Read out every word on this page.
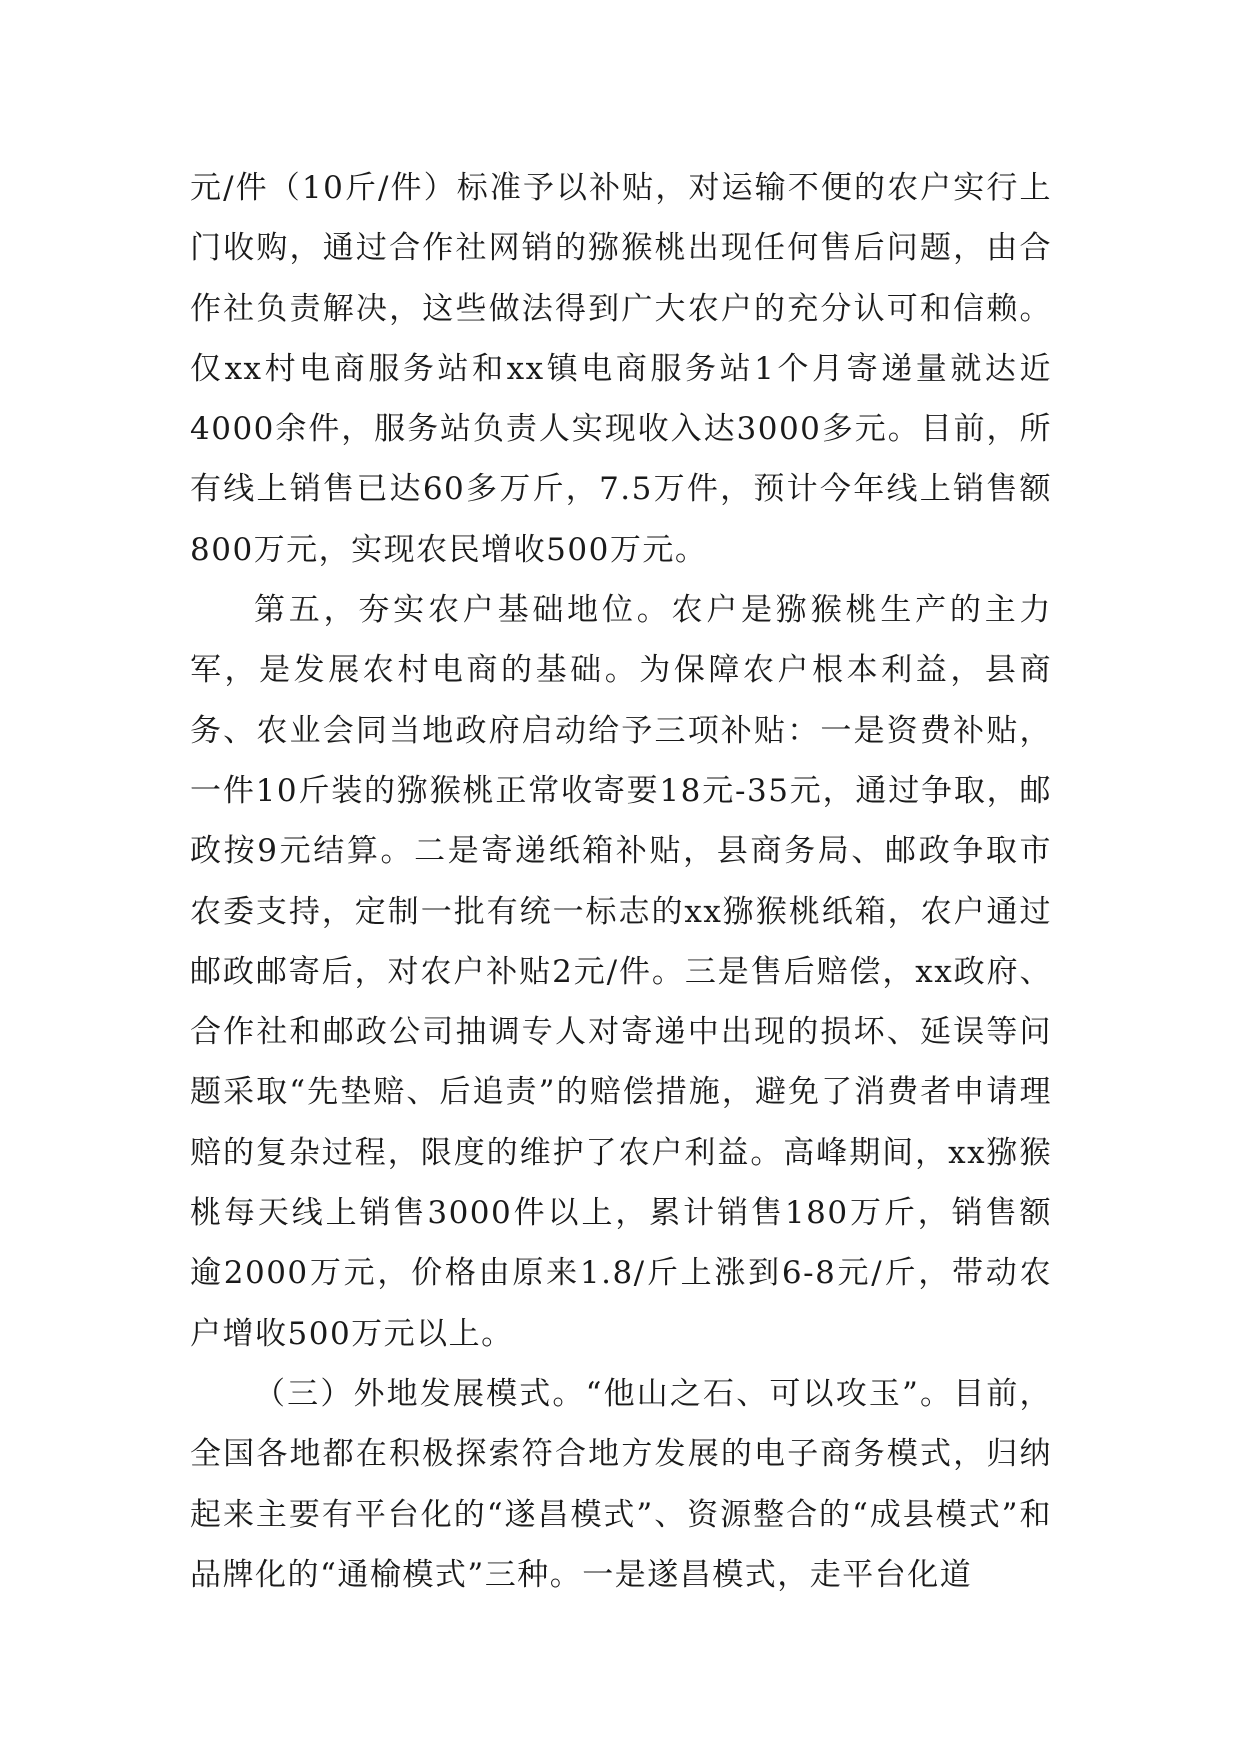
元/件（10斤/件）标准予以补贴，对运输不便的农户实行上门收购，通过合作社网销的猕猴桃出现任何售后问题，由合作社负责解决，这些做法得到广大农户的充分认可和信赖。仅xx村电商服务站和xx镇电商服务站1个月寄递量就达近4000余件，服务站负责人实现收入达3000多元。目前，所有线上销售已达60多万斤，7.5万件，预计今年线上销售额800万元，实现农民增收500万元。

第五，夯实农户基础地位。农户是猕猴桃生产的主力军，是发展农村电商的基础。为保障农户根本利益，县商务、农业会同当地政府启动给予三项补贴：一是资费补贴，一件10斤装的猕猴桃正常收寄要18元-35元，通过争取，邮政按9元结算。二是寄递纸箱补贴，县商务局、邮政争取市农委支持，定制一批有统一标志的xx猕猴桃纸箱，农户通过邮政邮寄后，对农户补贴2元/件。三是售后赔偿，xx政府、合作社和邮政公司抽调专人对寄递中出现的损坏、延误等问题采取“先垫赔、后追责”的赔偿措施，避免了消费者申请理赔的复杂过程，限度的维护了农户利益。高峰期间，xx猕猴桃每天线上销售3000件以上，累计销售180万斤，销售额逾2000万元，价格由原来1.8/斤上涨到6-8元/斤，带动农户增收500万元以上。

（三）外地发展模式。“他山之石、可以攻玉”。目前，全国各地都在积极探索符合地方发展的电子商务模式，归纳起来主要有平台化的“遂昌模式”、资源整合的“成县模式”和品牌化的“通榆模式”三种。一是遂昌模式，走平台化道
